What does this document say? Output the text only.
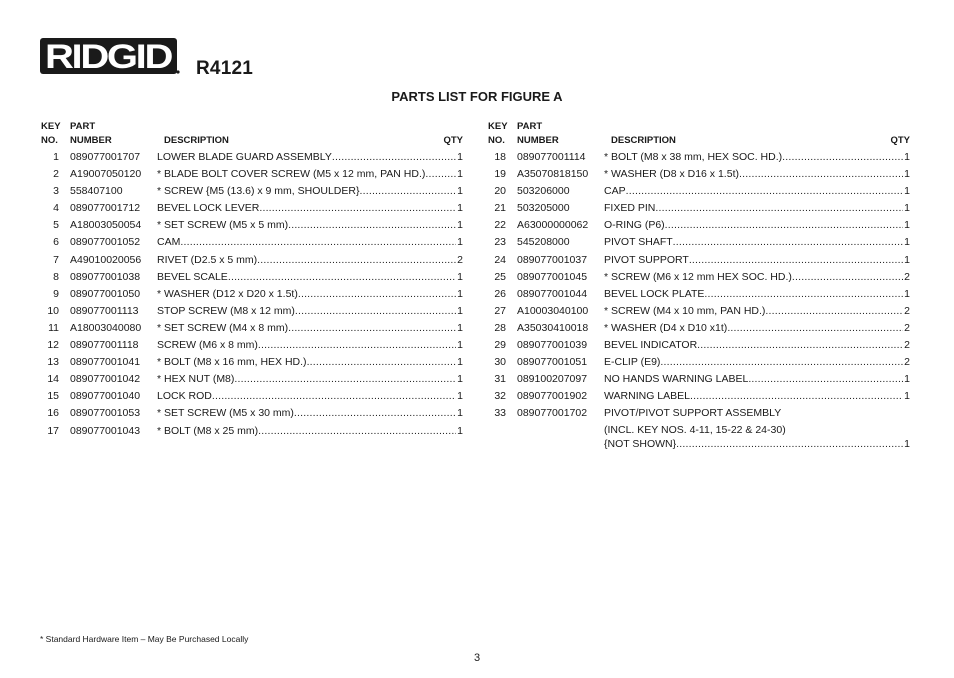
RIDGID R4121
PARTS LIST FOR FIGURE A
KEY
NO.
PART
NUMBER	DESCRIPTION	QTY
1 089077001707 LOWER BLADE GUARD ASSEMBLY .....	1
2 A19007050120 * BLADE BOLT COVER SCREW (M5 x 12 mm, PAN HD.) .....	1
3 558407100	* SCREW {M5 (13.6) x 9 mm, SHOULDER} .....	1
4 089077001712 BEVEL LOCK LEVER .....	1
5 A18003050054 * SET SCREW (M5 x 5 mm) .....	1
6 089077001052 CAM .....	1
7 A49010020056 RIVET (D2.5 x 5 mm) .....	2
8 089077001038 BEVEL SCALE .....	1
9 089077001050 * WASHER (D12 x D20 x 1.5t) .....	1
10 089077001113 STOP SCREW (M8 x 12 mm) .....	1
11 A18003040080 * SET SCREW (M4 x 8 mm) .....	1
12 089077001118 SCREW (M6 x 8 mm) .....	1
13 089077001041 * BOLT (M8 x 16 mm, HEX HD.) .....	1
14 089077001042 * HEX NUT (M8) .....	1
15 089077001040 LOCK ROD .....	1
16 089077001053 * SET SCREW (M5 x 30 mm) .....	1
17 089077001043 * BOLT (M8 x 25 mm) .....	1
KEY
NO.
PART
NUMBER	DESCRIPTION	QTY
18 089077001114 * BOLT (M8 x 38 mm, HEX SOC. HD.) .....	1
19 A35070818150 * WASHER (D8 x D16 x 1.5t) .....	1
20 503206000	CAP .....	1
21 503205000	FIXED PIN .....	1
22 A63000000062 O-RING (P6) .....	1
23 545208000	PIVOT SHAFT .....	1
24 089077001037 PIVOT SUPPORT .....	1
25 089077001045 * SCREW (M6 x 12 mm HEX SOC. HD.) .....	2
26 089077001044 BEVEL LOCK PLATE .....	1
27 A10003040100 * SCREW (M4 x 10 mm, PAN HD.) .....	2
28 A35030410018 * WASHER (D4 x D10 x1t) .....	2
29 089077001039 BEVEL INDICATOR .....	2
30 089077001051 E-CLIP (E9) .....	2
31 089100207097 NO HANDS WARNING LABEL .....	1
32 089077001902 WARNING LABEL .....	1
33 089077001702 PIVOT/PIVOT SUPPORT ASSEMBLY
(INCL. KEY NOS. 4-11, 15-22 & 24-30)
{NOT SHOWN} .....	1
* Standard Hardware Item – May Be Purchased Locally
3
